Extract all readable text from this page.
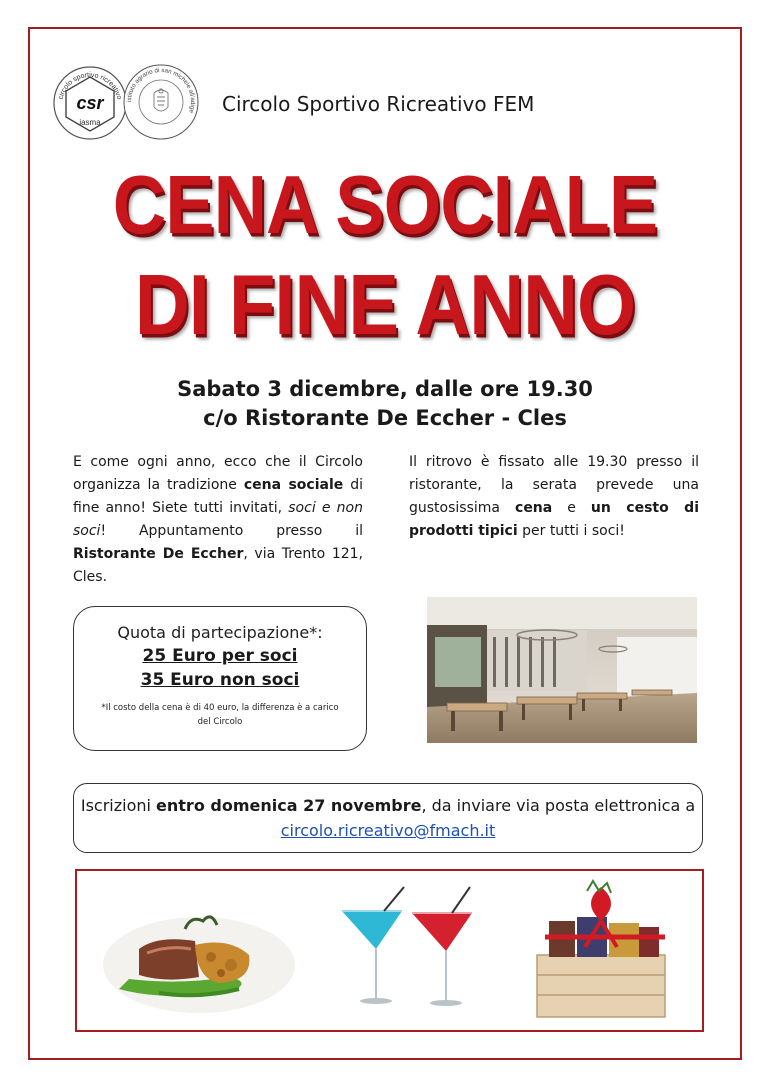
circolo sportivo ricreativo
csr
iasma
istituto agrario di san michele all'adige Circolo Sportivo Ricreativo FEM
CENA SOCIALE
DI FINE ANNO
Sabato 3 dicembre, dalle ore 19.30
c/o Ristorante De Eccher - Cles
E come ogni anno, ecco che il Circolo organizza la tradizione cena sociale di fine anno! Siete tutti invitati, soci e non soci! Appuntamento presso il Ristorante De Eccher, via Trento 121, Cles.
Il ritrovo è fissato alle 19.30 presso il ristorante, la serata prevede una gustosissima cena e un cesto di prodotti tipici per tutti i soci!
Quota di partecipazione*:
25 Euro per soci
35 Euro non soci
*Il costo della cena è di 40 euro, la differenza è a carico del Circolo
Iscrizioni entro domenica 27 novembre, da inviare via posta elettronica a circolo.ricreativo@fmach.it
